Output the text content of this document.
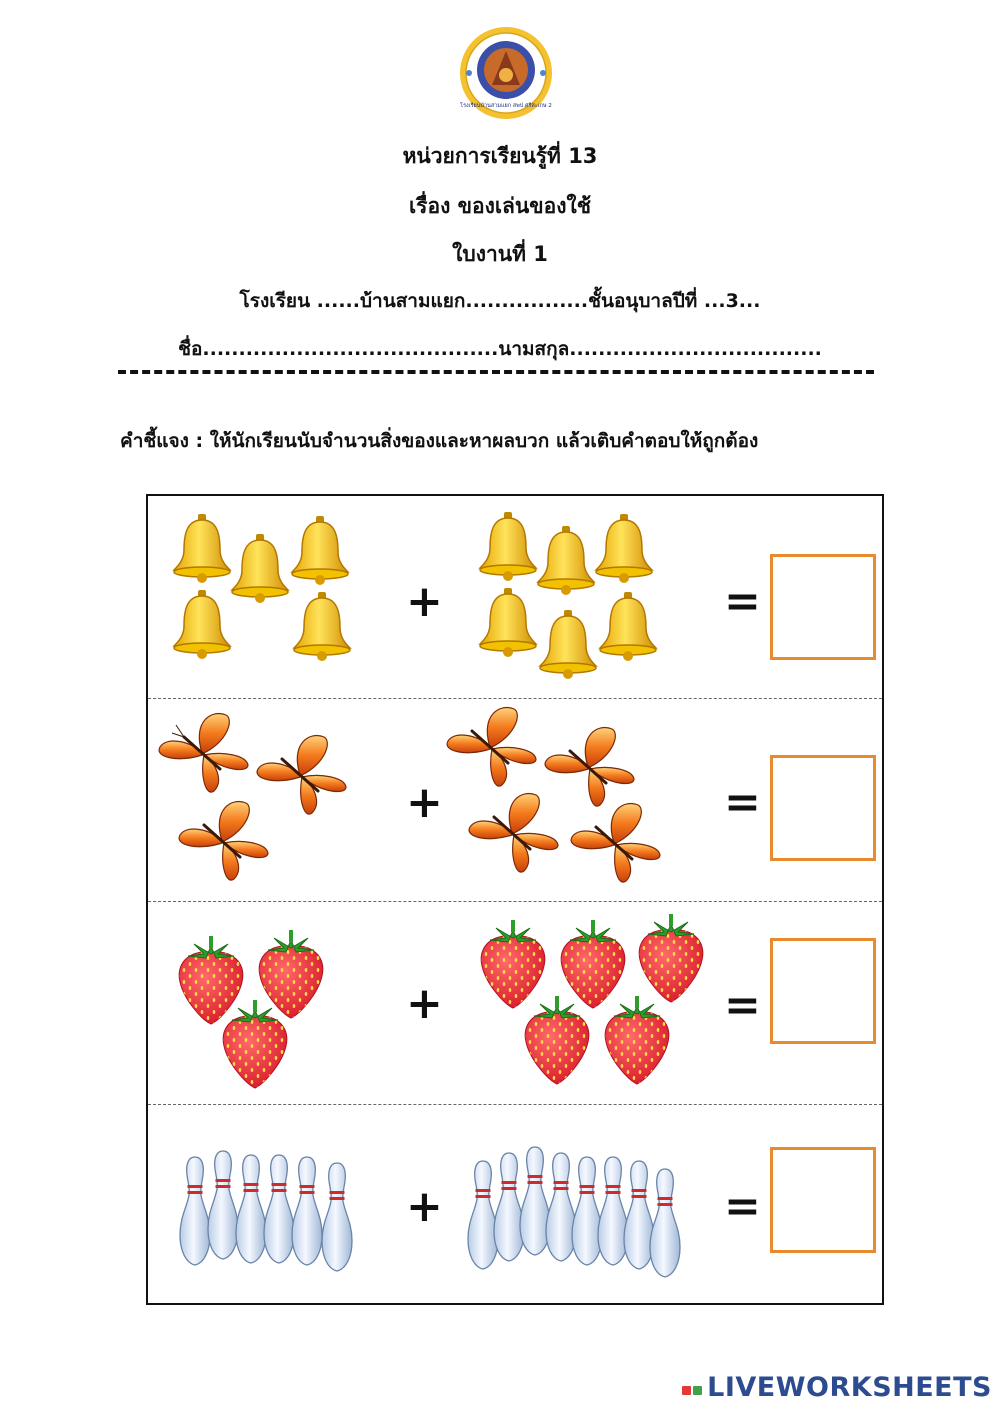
โรงเรียนบ้านสามแยก สพป.ศรีสะเกษ 2
หน่วยการเรียนรู้ที่ 13
เรื่อง ของเล่นของใช้
ใบงานที่ 1
โรงเรียน ......บ้านสามแยก.................ชั้นอนุบาลปีที่ ...3...
ชื่อ.........................................นามสกุล...................................
คำชี้แจง : ให้นักเรียนนับจำนวนสิ่งของและหาผลบวก แล้วเติบคำตอบให้ถูกต้อง
+	=
+	=
+	=
+	=
LIVEWORKSHEETS
